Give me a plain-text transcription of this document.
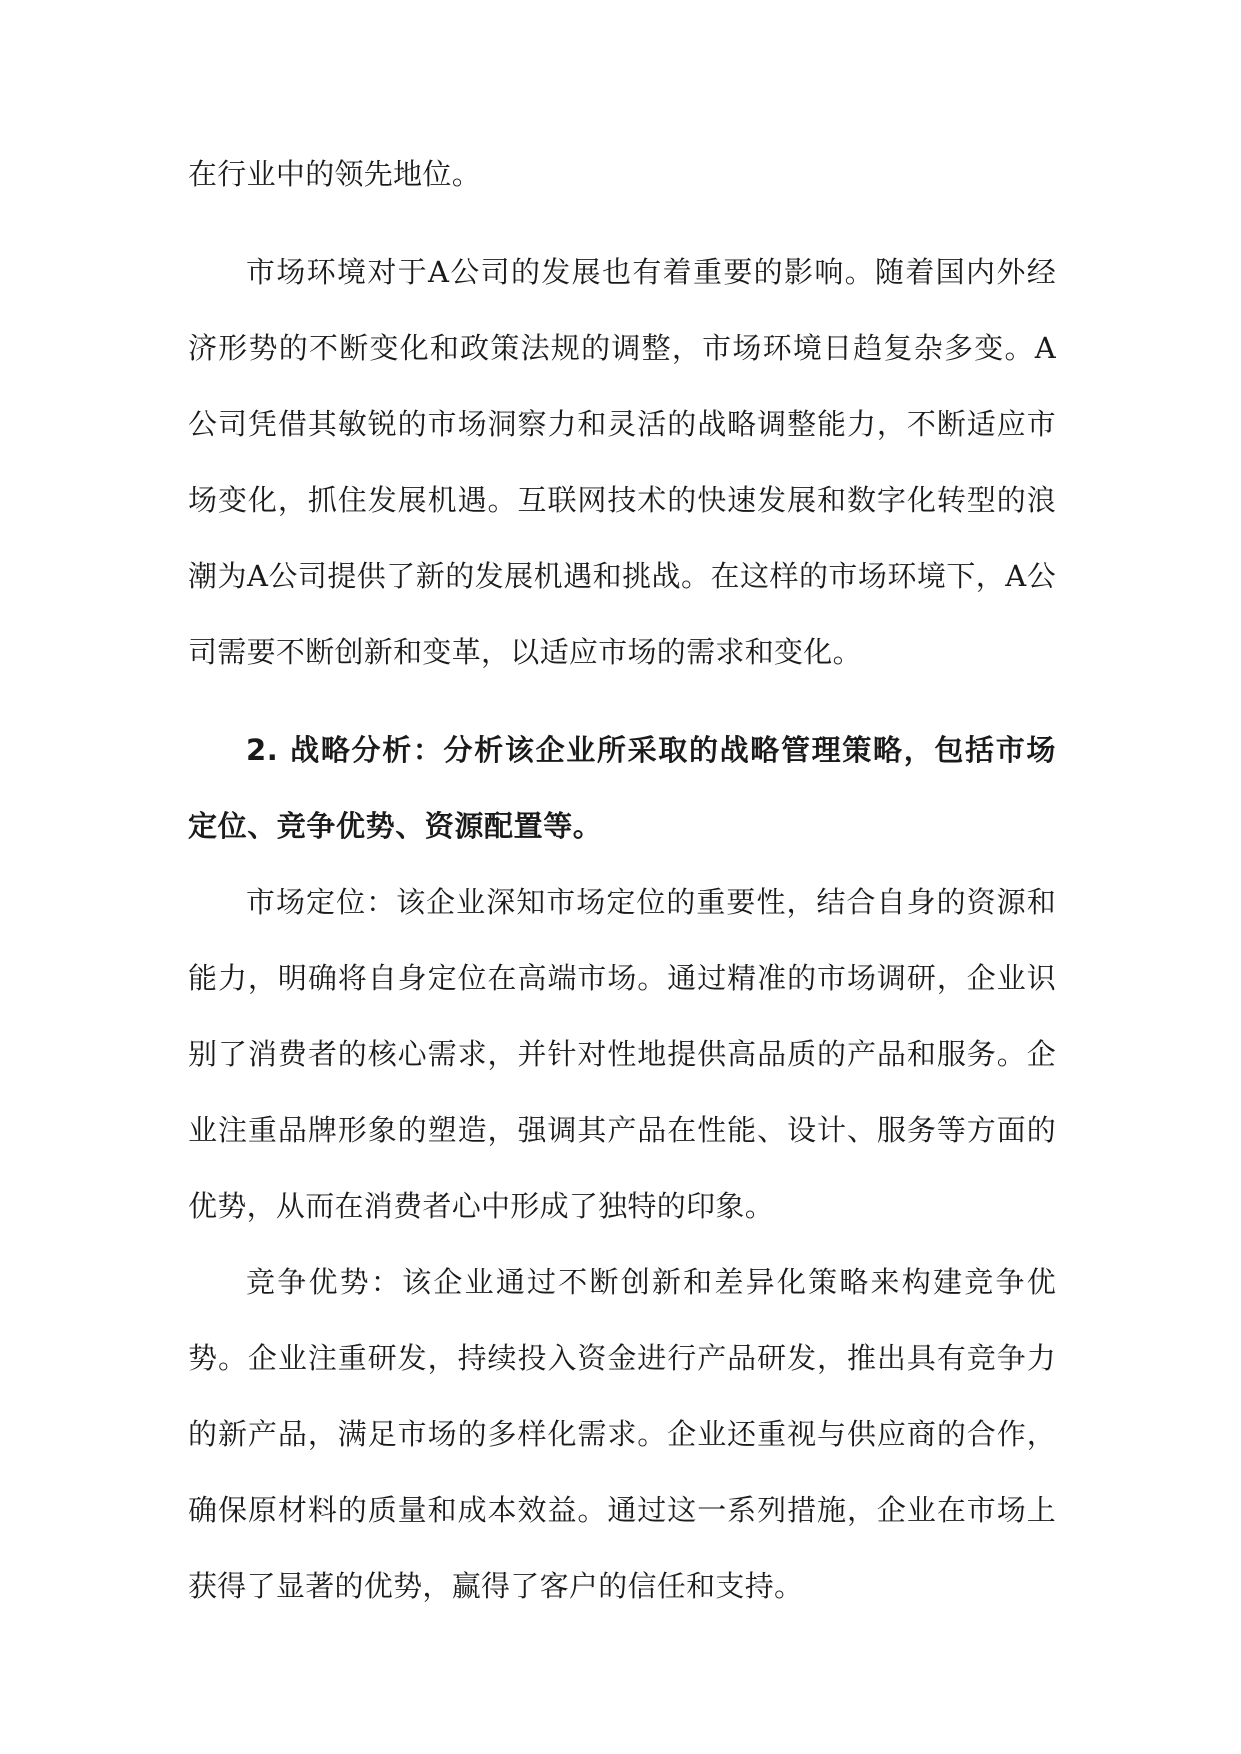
在行业中的领先地位。

市场环境对于A公司的发展也有着重要的影响。随着国内外经济形势的不断变化和政策法规的调整，市场环境日趋复杂多变。A公司凭借其敏锐的市场洞察力和灵活的战略调整能力，不断适应市场变化，抓住发展机遇。互联网技术的快速发展和数字化转型的浪潮为A公司提供了新的发展机遇和挑战。在这样的市场环境下，A公司需要不断创新和变革，以适应市场的需求和变化。

2. 战略分析：分析该企业所采取的战略管理策略，包括市场定位、竞争优势、资源配置等。

市场定位：该企业深知市场定位的重要性，结合自身的资源和能力，明确将自身定位在高端市场。通过精准的市场调研，企业识别了消费者的核心需求，并针对性地提供高品质的产品和服务。企业注重品牌形象的塑造，强调其产品在性能、设计、服务等方面的优势，从而在消费者心中形成了独特的印象。

竞争优势：该企业通过不断创新和差异化策略来构建竞争优势。企业注重研发，持续投入资金进行产品研发，推出具有竞争力的新产品，满足市场的多样化需求。企业还重视与供应商的合作，确保原材料的质量和成本效益。通过这一系列措施，企业在市场上获得了显著的优势，赢得了客户的信任和支持。
